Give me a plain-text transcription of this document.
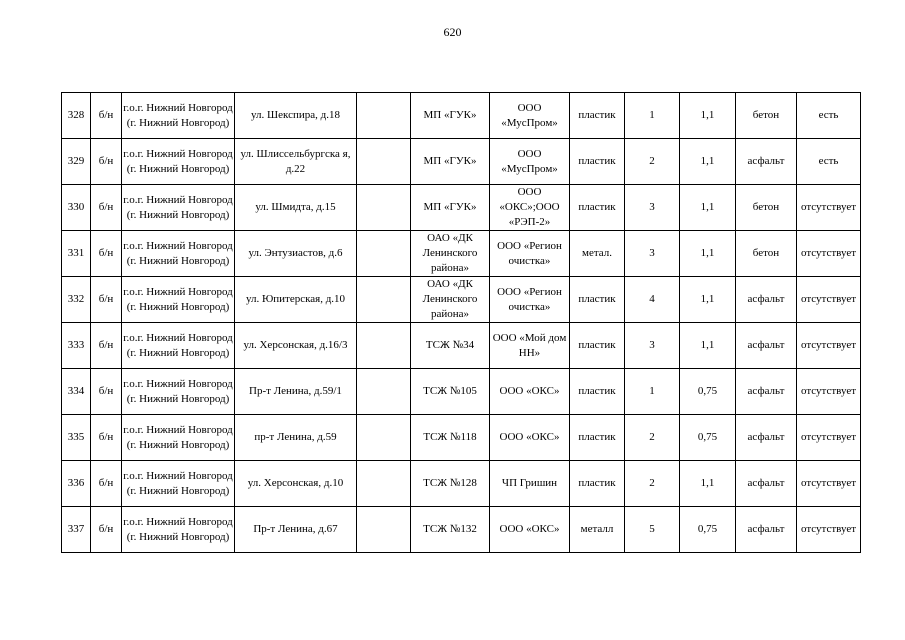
620
328	б/н	г.о.г. Нижний Новгород (г. Нижний Новгород)	ул. Шекспира, д.18		МП «ГУК»	ООО «МусПром»	пластик	1	1,1	бетон	есть
329	б/н	г.о.г. Нижний Новгород (г. Нижний Новгород)	ул. Шлиссельбургска я, д.22		МП «ГУК»	ООО «МусПром»	пластик	2	1,1	асфальт	есть
330	б/н	г.о.г. Нижний Новгород (г. Нижний Новгород)	ул. Шмидта, д.15		МП «ГУК»	ООО «ОКС»;ООО «РЭП-2»	пластик	3	1,1	бетон	отсутствует
331	б/н	г.о.г. Нижний Новгород (г. Нижний Новгород)	ул. Энтузиастов, д.6		ОАО «ДК Ленинского района»	ООО «Регион очистка»	метал.	3	1,1	бетон	отсутствует
332	б/н	г.о.г. Нижний Новгород (г. Нижний Новгород)	ул. Юпитерская, д.10		ОАО «ДК Ленинского района»	ООО «Регион очистка»	пластик	4	1,1	асфальт	отсутствует
333	б/н	г.о.г. Нижний Новгород (г. Нижний Новгород)	ул. Херсонская, д.16/3		ТСЖ №34	ООО «Мой дом НН»	пластик	3	1,1	асфальт	отсутствует
334	б/н	г.о.г. Нижний Новгород (г. Нижний Новгород)	Пр-т Ленина, д.59/1		ТСЖ №105	ООО «ОКС»	пластик	1	0,75	асфальт	отсутствует
335	б/н	г.о.г. Нижний Новгород (г. Нижний Новгород)	пр-т Ленина, д.59		ТСЖ №118	ООО «ОКС»	пластик	2	0,75	асфальт	отсутствует
336	б/н	г.о.г. Нижний Новгород (г. Нижний Новгород)	ул. Херсонская, д.10		ТСЖ №128	ЧП Гришин	пластик	2	1,1	асфальт	отсутствует
337	б/н	г.о.г. Нижний Новгород (г. Нижний Новгород)	Пр-т Ленина, д.67		ТСЖ №132	ООО «ОКС»	металл	5	0,75	асфальт	отсутствует
